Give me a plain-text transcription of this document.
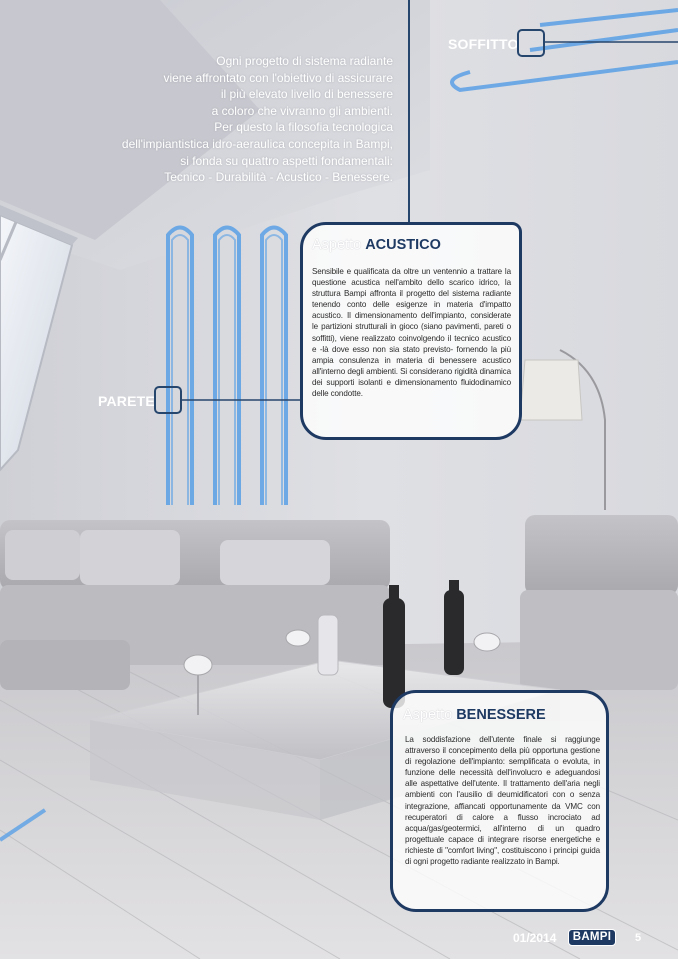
Ogni progetto di sistema radiante
viene affrontato con l'obiettivo di assicurare
il più elevato livello di benessere
a coloro che vivranno gli ambienti.
Per questo la filosofia tecnologica
dell'impiantistica idro-aeraulica concepita in Bampi,
si fonda su quattro aspetti fondamentali:
Tecnico - Durabilità - Acustico - Benessere.
SOFFITTO
PARETE
Aspetto ACUSTICO
Sensibile e qualificata da oltre un ventennio a trattare la questione acustica nell'ambito dello scarico idrico, la struttura Bampi affronta il progetto del sistema radiante tenendo conto delle esigenze in materia d'impatto acustico. Il dimensionamento dell'impianto, considerate le partizioni strutturali in gioco (siano pavimenti, pareti o soffitti), viene realizzato coinvolgendo il tecnico acustico e -là dove esso non sia stato previsto- fornendo la più ampia consulenza in materia di benessere acustico all'interno degli ambienti. Si considerano rigidità dinamica dei supporti isolanti e dimensionamento fluidodinamico delle condotte.
Aspetto BENESSERE
La soddisfazione dell'utente finale si raggiunge attraverso il concepimento della più opportuna gestione di regolazione dell'impianto: semplificata o evoluta, in funzione delle necessità dell'involucro e adeguandosi alle aspettative dell'utente. Il trattamento dell'aria negli ambienti con l'ausilio di deumidificatori con o senza integrazione, affiancati opportunamente da VMC con recuperatori di calore a flusso incrociato ad acqua/gas/geotermici, all'interno di un quadro progettuale capace di integrare risorse energetiche e richieste di "comfort living", costituiscono i principi guida di ogni progetto radiante realizzato in Bampi.
01/2014	BAMPI	5
